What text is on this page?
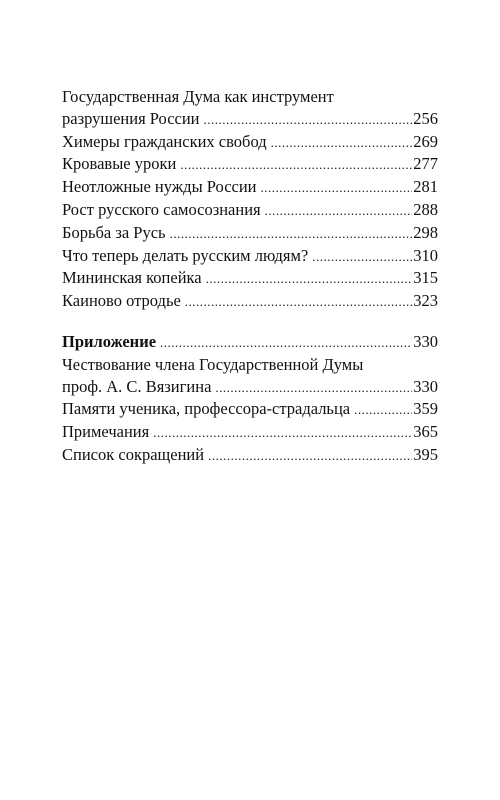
Государственная Дума как инструмент
разрушения России .....	256
Химеры гражданских свобод .....	269
Кровавые уроки .....	277
Неотложные нужды России .....	281
Рост русского самосознания .....	288
Борьба за Русь .....	298
Что теперь делать русским людям? .....	310
Мининская копейка .....	315
Каиново отродье .....	323
Приложение .....	330
Чествование члена Государственной Думы
проф. А. С. Вязигина .....	330
Памяти ученика, профессора-страдальца .....	359
Примечания .....	365
Список сокращений .....	395
